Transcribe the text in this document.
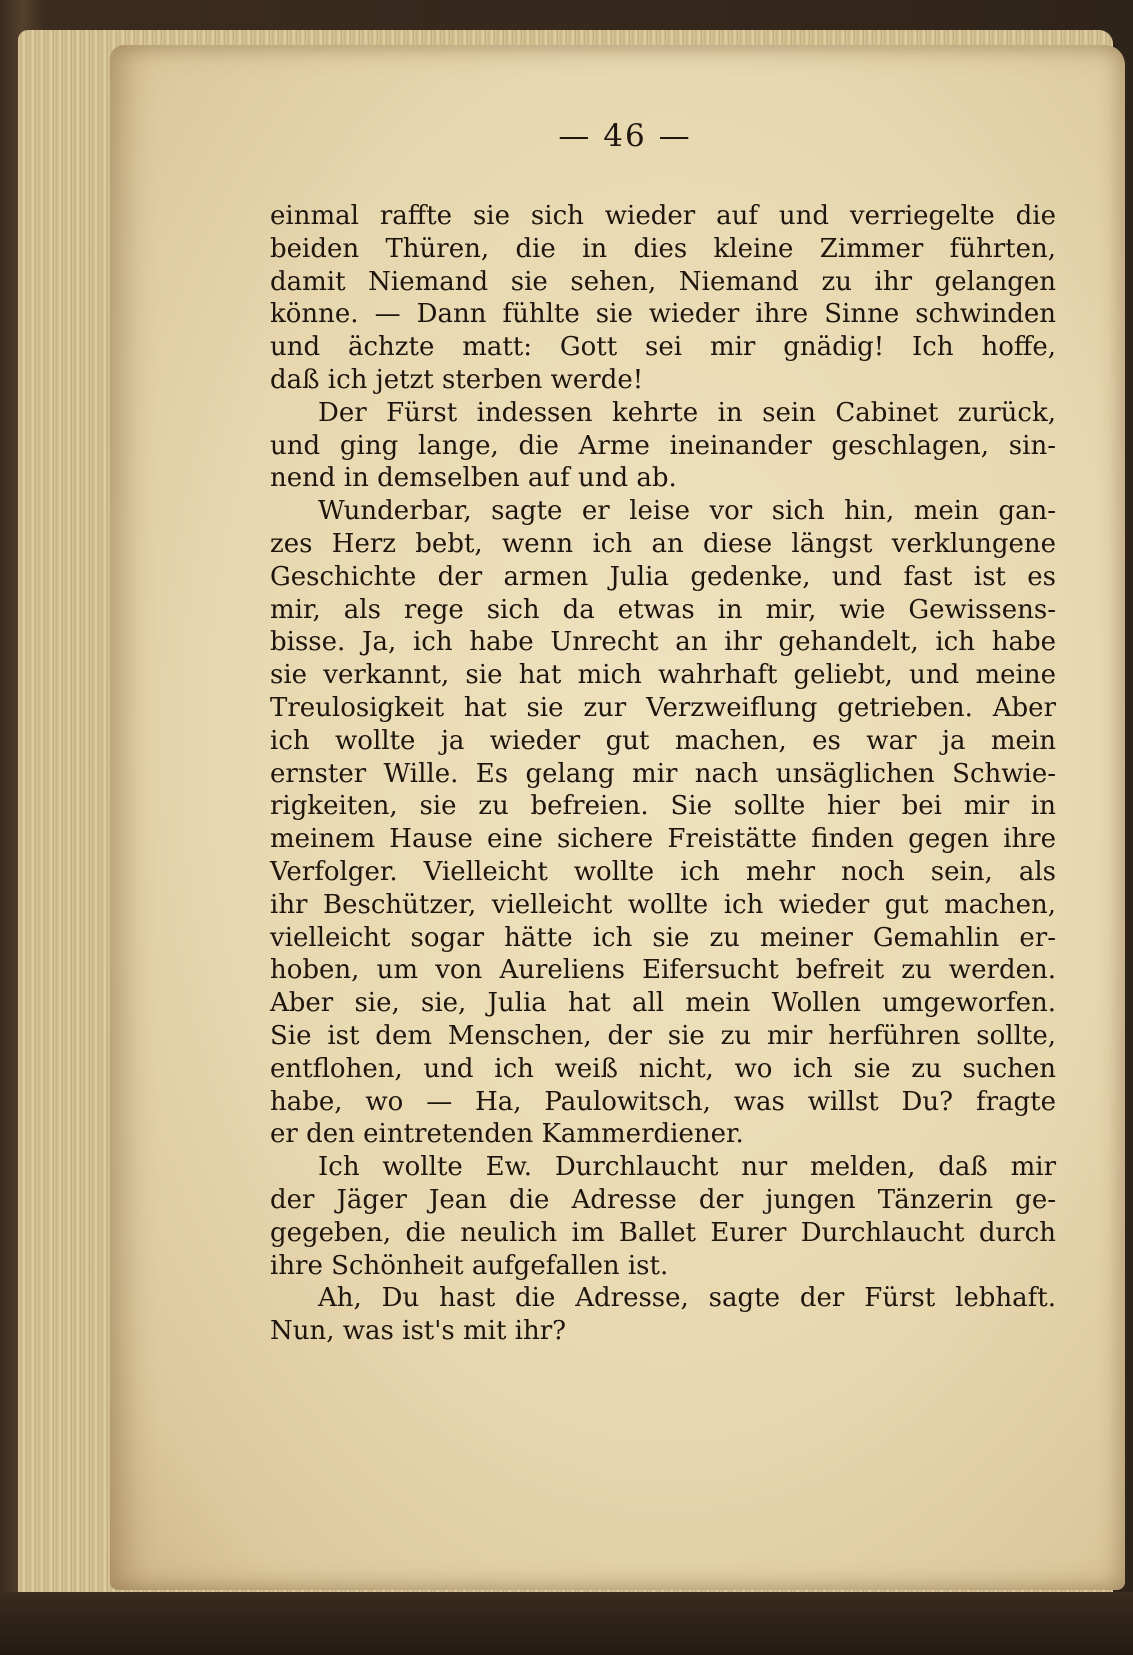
— 46 —
einmal raffte sie sich wieder auf und verriegelte die
beiden Thüren, die in dies kleine Zimmer führten,
damit Niemand sie sehen, Niemand zu ihr gelangen
könne. — Dann fühlte sie wieder ihre Sinne schwinden
und ächzte matt: Gott sei mir gnädig! Ich hoffe,
daß ich jetzt sterben werde!
Der Fürst indessen kehrte in sein Cabinet zurück,
und ging lange, die Arme ineinander geschlagen, sin-
nend in demselben auf und ab.
Wunderbar, sagte er leise vor sich hin, mein gan-
zes Herz bebt, wenn ich an diese längst verklungene
Geschichte der armen Julia gedenke, und fast ist es
mir, als rege sich da etwas in mir, wie Gewissens-
bisse. Ja, ich habe Unrecht an ihr gehandelt, ich habe
sie verkannt, sie hat mich wahrhaft geliebt, und meine
Treulosigkeit hat sie zur Verzweiflung getrieben. Aber
ich wollte ja wieder gut machen, es war ja mein
ernster Wille. Es gelang mir nach unsäglichen Schwie-
rigkeiten, sie zu befreien. Sie sollte hier bei mir in
meinem Hause eine sichere Freistätte finden gegen ihre
Verfolger. Vielleicht wollte ich mehr noch sein, als
ihr Beschützer, vielleicht wollte ich wieder gut machen,
vielleicht sogar hätte ich sie zu meiner Gemahlin er-
hoben, um von Aureliens Eifersucht befreit zu werden.
Aber sie, sie, Julia hat all mein Wollen umgeworfen.
Sie ist dem Menschen, der sie zu mir herführen sollte,
entflohen, und ich weiß nicht, wo ich sie zu suchen
habe, wo — Ha, Paulowitsch, was willst Du? fragte
er den eintretenden Kammerdiener.
Ich wollte Ew. Durchlaucht nur melden, daß mir
der Jäger Jean die Adresse der jungen Tänzerin ge-
gegeben, die neulich im Ballet Eurer Durchlaucht durch
ihre Schönheit aufgefallen ist.
Ah, Du hast die Adresse, sagte der Fürst lebhaft.
Nun, was ist's mit ihr?
